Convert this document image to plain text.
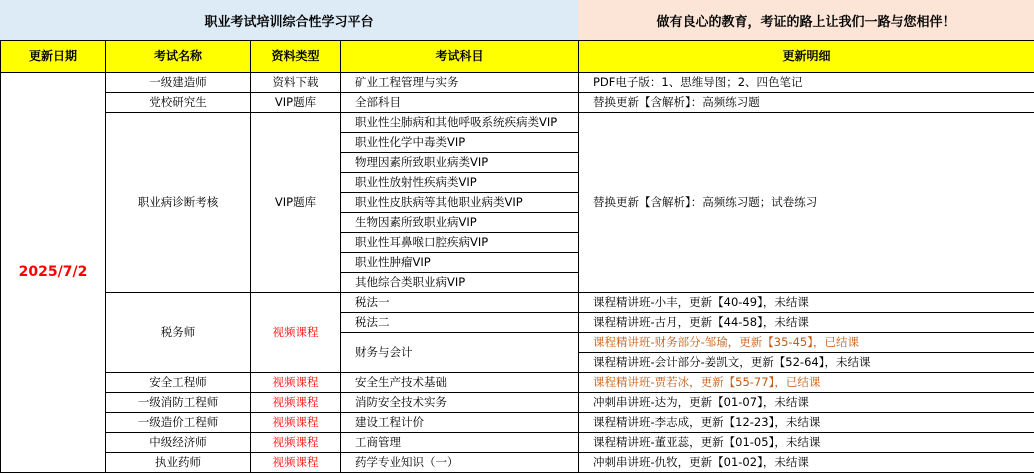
职业考试培训综合性学习平台	做有良心的教育，考证的路上让我们一路与您相伴！
更新日期	考试名称	资料类型	考试科目	更新明细
2025/7/2	一级建造师	资料下载	矿业工程管理与实务	PDF电子版：1、思维导图；2、四色笔记
	党校研究生	VIP题库	全部科目	替换更新【含解析】：高频练习题
	职业病诊断考核	VIP题库	职业性尘肺病和其他呼吸系统疾病类VIP	替换更新【含解析】：高频练习题；试卷练习
			职业性化学中毒类VIP	
			物理因素所致职业病类VIP	
			职业性放射性疾病类VIP	
			职业性皮肤病等其他职业病类VIP	
			生物因素所致职业病VIP	
			职业性耳鼻喉口腔疾病VIP	
			职业性肿瘤VIP	
			其他综合类职业病VIP	
	税务师	视频课程	税法一	课程精讲班-小丰，更新【40-49】，未结课
			税法二	课程精讲班-古月，更新【44-58】，未结课
			财务与会计	课程精讲班-财务部分-邹瑜，更新【35-45】，已结课
				课程精讲班-会计部分-姜凯文，更新【52-64】，未结课
	安全工程师	视频课程	安全生产技术基础	课程精讲班-贾若冰，更新【55-77】，已结课
	一级消防工程师	视频课程	消防安全技术实务	冲刺串讲班-达为，更新【01-07】，未结课
	一级造价工程师	视频课程	建设工程计价	课程精讲班-李志成，更新【12-23】，未结课
	中级经济师	视频课程	工商管理	课程精讲班-董亚蕊，更新【01-05】，未结课
	执业药师	视频课程	药学专业知识（一）	冲刺串讲班-仇牧，更新【01-02】，未结课
